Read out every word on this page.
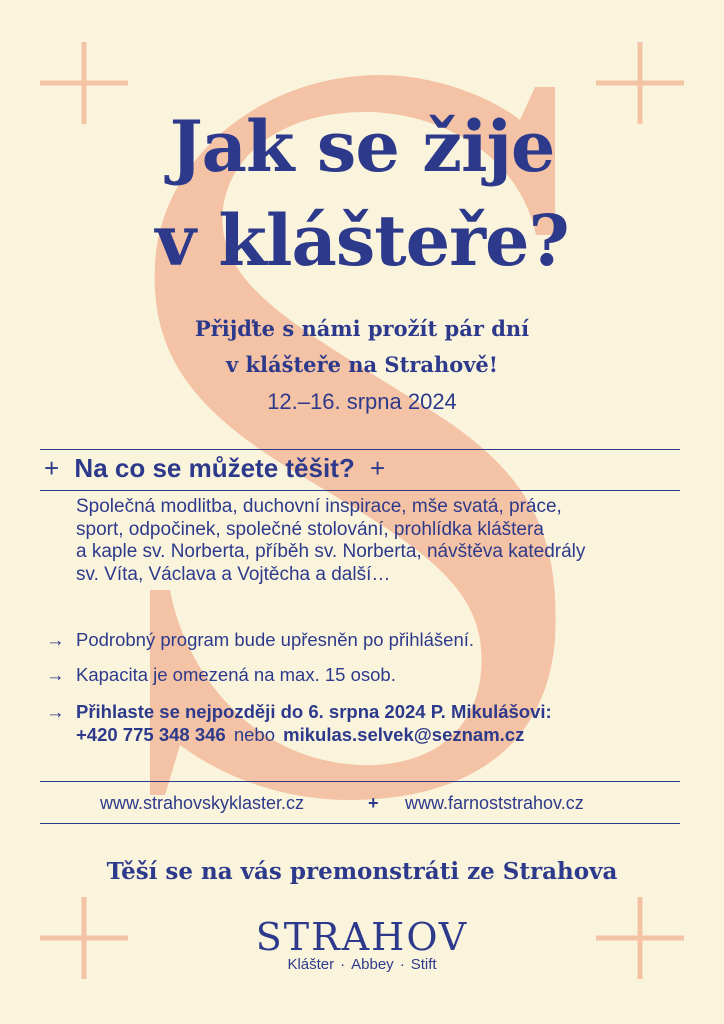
Jak se žije
v klášteře?
Přijďte s námi prožít pár dní
v klášteře na Strahově!
12.–16. srpna 2024
+ Na co se můžete těšit? +
Společná modlitba, duchovní inspirace, mše svatá, práce,
sport, odpočinek, společné stolování, prohlídka kláštera
a kaple sv. Norberta, příběh sv. Norberta, návštěva katedrály
sv. Víta, Václava a Vojtěcha a další…
→ Podrobný program bude upřesněn po přihlášení.
→ Kapacita je omezená na max. 15 osob.
→ Přihlaste se nejpozději do 6. srpna 2024 P. Mikulášovi:
+420 775 348 346 nebo mikulas.selvek@seznam.cz
www.strahovskyklaster.cz	+ www.farnoststrahov.cz
Těší se na vás premonstráti ze Strahova
STRAHOV
Klášter · Abbey · Stift
